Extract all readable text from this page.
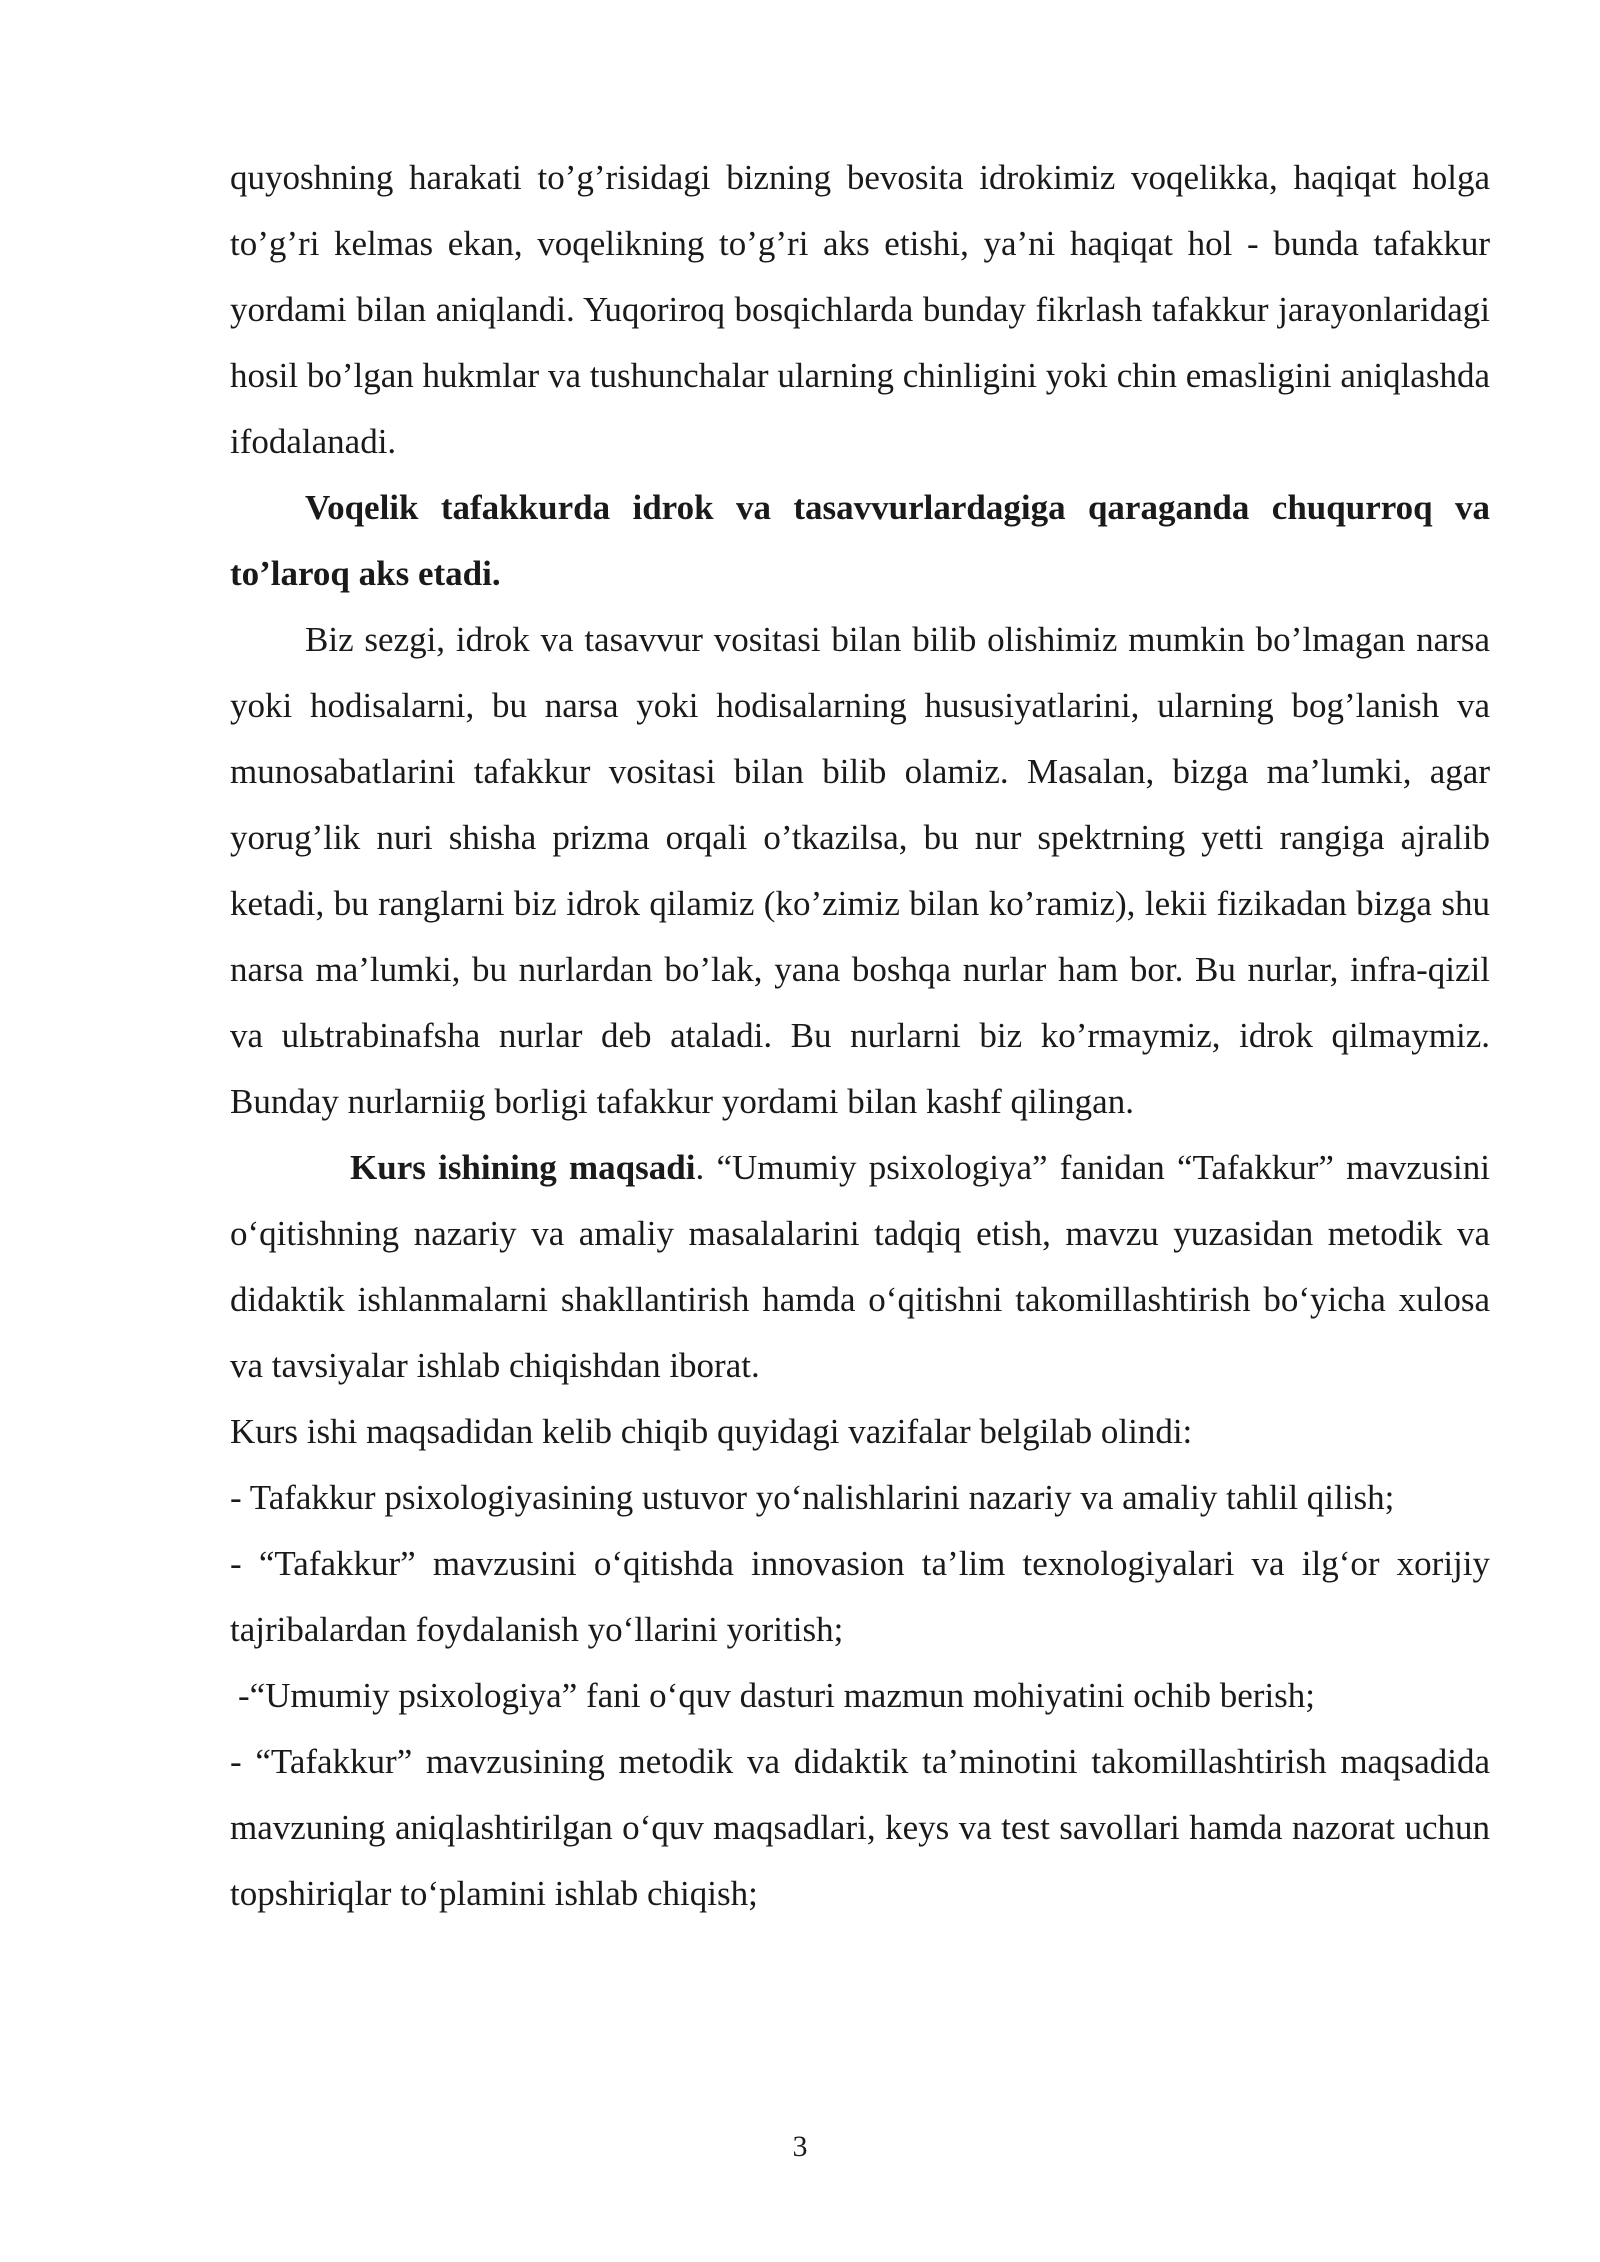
quyoshning harakati to’g’risidagi bizning bevosita idrokimiz voqelikka, haqiqat holga to’g’ri kelmas ekan, voqelikning to’g’ri aks etishi, ya’ni haqiqat hol - bunda tafakkur yordami bilan aniqlandi. Yuqoriroq bosqichlarda bunday fikrlash tafakkur jarayonlaridagi hosil bo’lgan hukmlar va tushunchalar ularning chinligini yoki chin emasligini aniqlashda ifodalanadi.

Voqelik tafakkurda idrok va tasavvurlardagiga qaraganda chuqurroq va to’laroq aks etadi.

Biz sezgi, idrok va tasavvur vositasi bilan bilib olishimiz mumkin bo’lmagan narsa yoki hodisalarni, bu narsa yoki hodisalarning hususiyatlarini, ularning bog’lanish va munosabatlarini tafakkur vositasi bilan bilib olamiz. Masalan, bizga ma’lumki, agar yorug’lik nuri shisha prizma orqali o’tkazilsa, bu nur spektrning yetti rangiga ajralib ketadi, bu ranglarni biz idrok qilamiz (ko’zimiz bilan ko’ramiz), lekii fizikadan bizga shu narsa ma’lumki, bu nurlardan bo’lak, yana boshqa nurlar ham bor. Bu nurlar, infra-qizil va ulьtrabinafsha nurlar deb ataladi. Bu nurlarni biz ko’rmaymiz, idrok qilmaymiz. Bunday nurlarniig borligi tafakkur yordami bilan kashf qilingan.

Kurs ishining maqsadi. “Umumiy psixologiya” fanidan “Tafakkur” mavzusini o‘qitishning nazariy va amaliy masalalarini tadqiq etish, mavzu yuzasidan metodik va didaktik ishlanmalarni shakllantirish hamda o‘qitishni takomillashtirish bo‘yicha xulosa va tavsiyalar ishlab chiqishdan iborat.

Kurs ishi maqsadidan kelib chiqib quyidagi vazifalar belgilab olindi:

- Tafakkur psixologiyasining ustuvor yo‘nalishlarini nazariy va amaliy tahlil qilish;

- “Tafakkur” mavzusini o‘qitishda innovasion ta’lim texnologiyalari va ilg‘or xorijiy tajribalardan foydalanish yo‘llarini yoritish;

-“Umumiy psixologiya” fani o‘quv dasturi mazmun mohiyatini ochib berish;

- “Tafakkur” mavzusining metodik va didaktik ta’minotini takomillashtirish maqsadida mavzuning aniqlashtirilgan o‘quv maqsadlari, keys va test savollari hamda nazorat uchun topshiriqlar to‘plamini ishlab chiqish;

3
